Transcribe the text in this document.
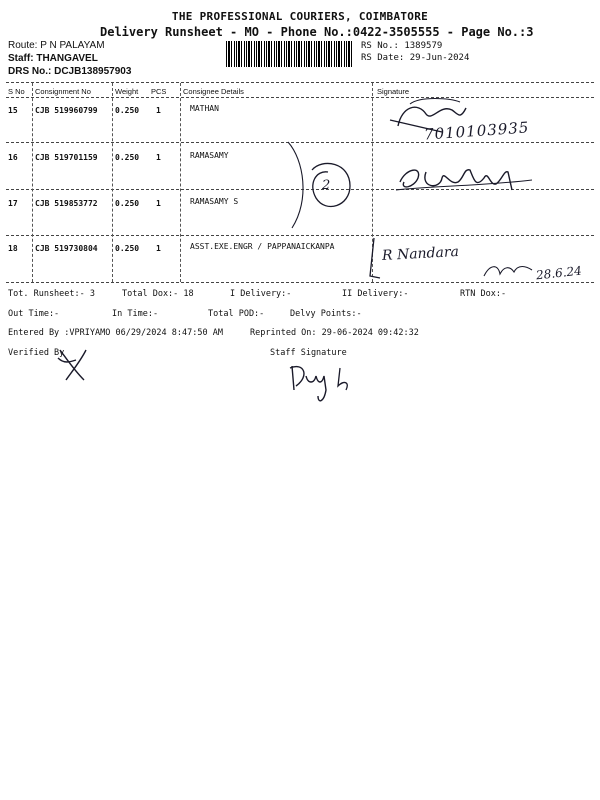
THE PROFESSIONAL COURIERS, COIMBATORE
Delivery Runsheet - MO - Phone No.:0422-3505555 - Page No.:3
Route: P N PALAYAM
Staff: THANGAVEL
DRS No.: DCJB138957903
RS No.: 1389579
RS Date: 29-Jun-2024
S No Consignment No	Weight PCS Consignee Details	Signature
15 CJB 519960799 0.250 1	MATHAN
16 CJB 519701159 0.250 1	RAMASAMY
17 CJB 519853772 0.250 1	RAMASAMY S
18 CJB 519730804 0.250 1	ASST.EXE.ENGR / PAPPANAICKANPA
7010103935
2
R Nandara
28.6.24
Tot. Runsheet:- 3	Total Dox:- 18	I Delivery:-	II Delivery:-	RTN Dox:-
Out Time:-	In Time:-	Total POD:-	Delvy Points:-
Entered By :VPRIYAMO 06/29/2024 8:47:50 AM	Reprinted On: 29-06-2024 09:42:32
Verified By	Staff Signature
